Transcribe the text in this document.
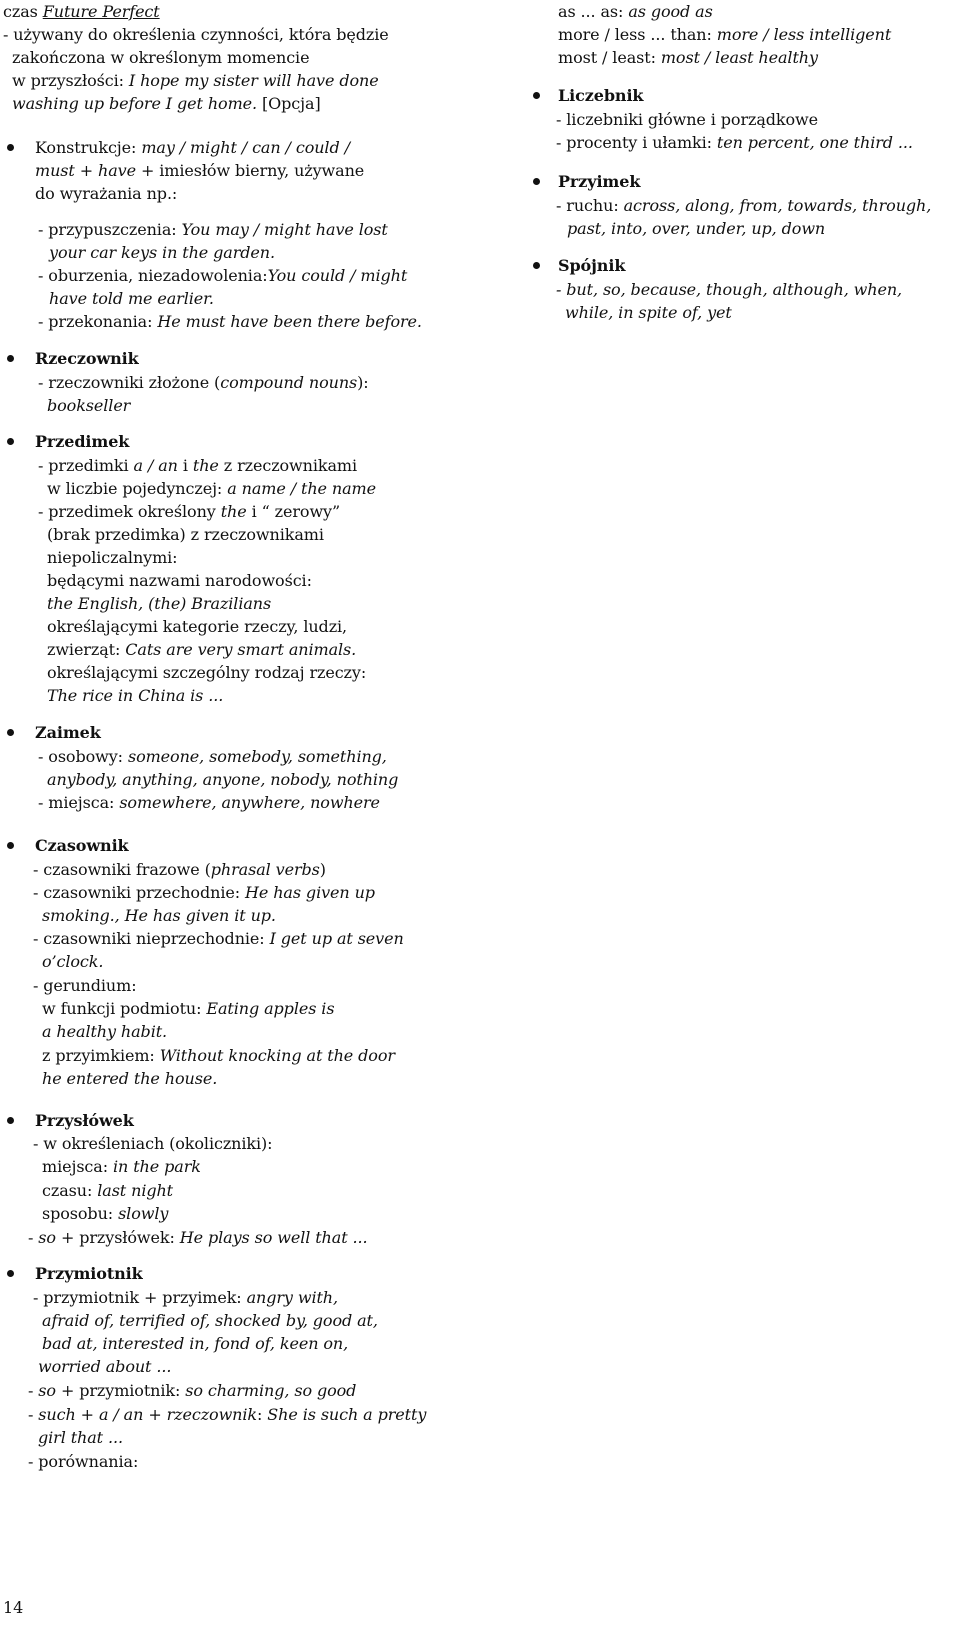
czas Future Perfect
- używany do określenia czynności, która będzie
zakończona w określonym momencie
w przyszłości: I hope my sister will have done
washing up before I get home. [Opcja]
Konstrukcje: may / might / can / could /
must + have + imiesłów bierny, używane
do wyrażania np.:
- przypuszczenia: You may / might have lost
your car keys in the garden.
- oburzenia, niezadowolenia:You could / might
have told me earlier.
- przekonania: He must have been there before.
Rzeczownik
- rzeczowniki złożone (compound nouns):
bookseller
Przedimek
- przedimki a / an i the z rzeczownikami
w liczbie pojedynczej: a name / the name
- przedimek określony the i “ zerowy”
(brak przedimka) z rzeczownikami
niepoliczalnymi:
będącymi nazwami narodowości:
the English, (the) Brazilians
określającymi kategorie rzeczy, ludzi,
zwierząt: Cats are very smart animals.
określającymi szczególny rodzaj rzeczy:
The rice in China is ...
Zaimek
- osobowy: someone, somebody, something,
anybody, anything, anyone, nobody, nothing
- miejsca: somewhere, anywhere, nowhere
Czasownik
- czasowniki frazowe (phrasal verbs)
- czasowniki przechodnie: He has given up
smoking., He has given it up.
- czasowniki nieprzechodnie: I get up at seven
o’clock.
- gerundium:
w funkcji podmiotu: Eating apples is
a healthy habit.
z przyimkiem: Without knocking at the door
he entered the house.
Przysłówek
- w określeniach (okoliczniki):
miejsca: in the park
czasu: last night
sposobu: slowly
- so + przysłówek: He plays so well that ...
Przymiotnik
- przymiotnik + przyimek: angry with,
afraid of, terrified of, shocked by, good at,
bad at, interested in, fond of, keen on,
worried about ...
- so + przymiotnik: so charming, so good
- such + a / an + rzeczownik: She is such a pretty
girl that ...
- porównania:
as ... as: as good as
more / less ... than: more / less intelligent
most / least: most / least healthy
Liczebnik
- liczebniki główne i porządkowe
- procenty i ułamki: ten percent, one third ...
Przyimek
- ruchu: across, along, from, towards, through,
past, into, over, under, up, down
Spójnik
- but, so, because, though, although, when,
while, in spite of, yet
14
